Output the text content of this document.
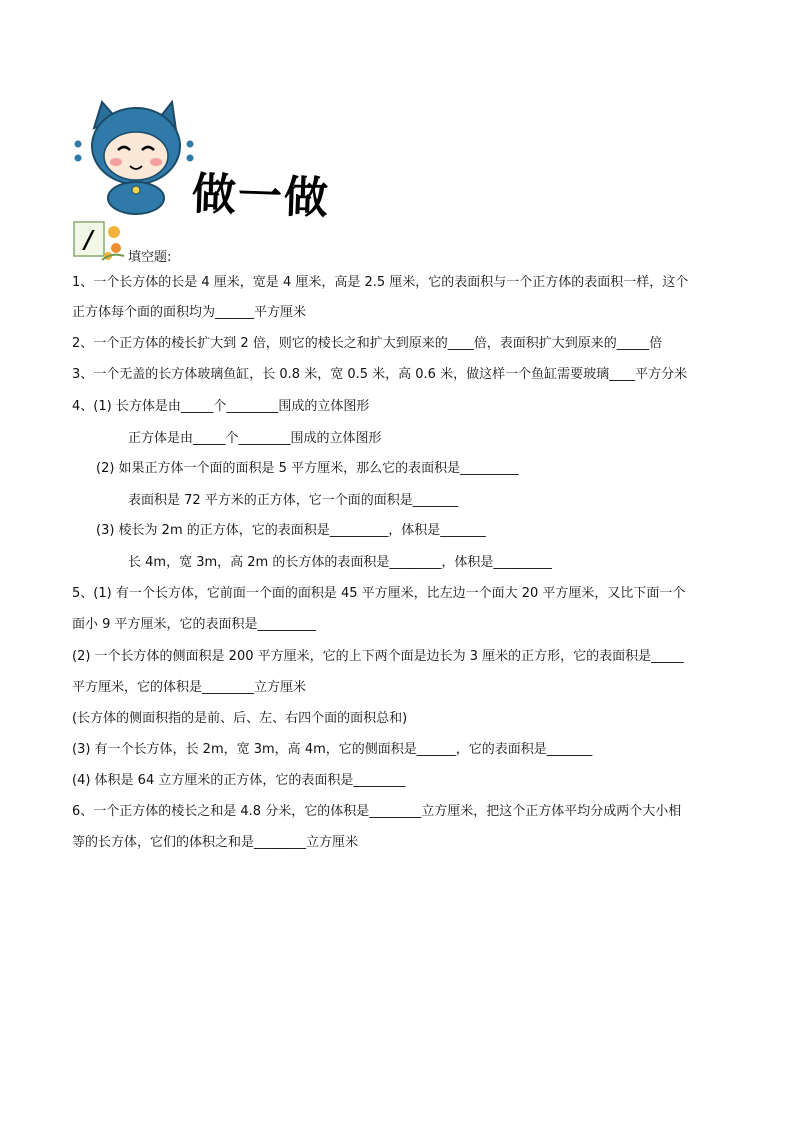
做一做
/
填空题:
1、一个长方体的长是 4 厘米，宽是 4 厘米，高是 2.5 厘米，它的表面积与一个正方体的表面积一样，这个
正方体每个面的面积均为______平方厘米
2、一个正方体的棱长扩大到 2 倍，则它的棱长之和扩大到原来的____倍，表面积扩大到原来的_____倍
3、一个无盖的长方体玻璃鱼缸，长 0.8 米，宽 0.5 米，高 0.6 米，做这样一个鱼缸需要玻璃____平方分米
4、(1) 长方体是由_____个________围成的立体图形
正方体是由_____个________围成的立体图形
(2) 如果正方体一个面的面积是 5 平方厘米，那么它的表面积是_________
表面积是 72 平方米的正方体，它一个面的面积是_______
(3) 棱长为 2m 的正方体，它的表面积是_________，体积是_______
长 4m，宽 3m，高 2m 的长方体的表面积是________，体积是_________
5、(1) 有一个长方体，它前面一个面的面积是 45 平方厘米，比左边一个面大 20 平方厘米，又比下面一个
面小 9 平方厘米，它的表面积是_________
(2) 一个长方体的侧面积是 200 平方厘米，它的上下两个面是边长为 3 厘米的正方形，它的表面积是_____
平方厘米，它的体积是________立方厘米
(长方体的侧面积指的是前、后、左、右四个面的面积总和)
(3) 有一个长方体，长 2m，宽 3m，高 4m，它的侧面积是______，它的表面积是_______
(4) 体积是 64 立方厘米的正方体，它的表面积是________
6、一个正方体的棱长之和是 4.8 分米，它的体积是________立方厘米，把这个正方体平均分成两个大小相
等的长方体，它们的体积之和是________立方厘米
